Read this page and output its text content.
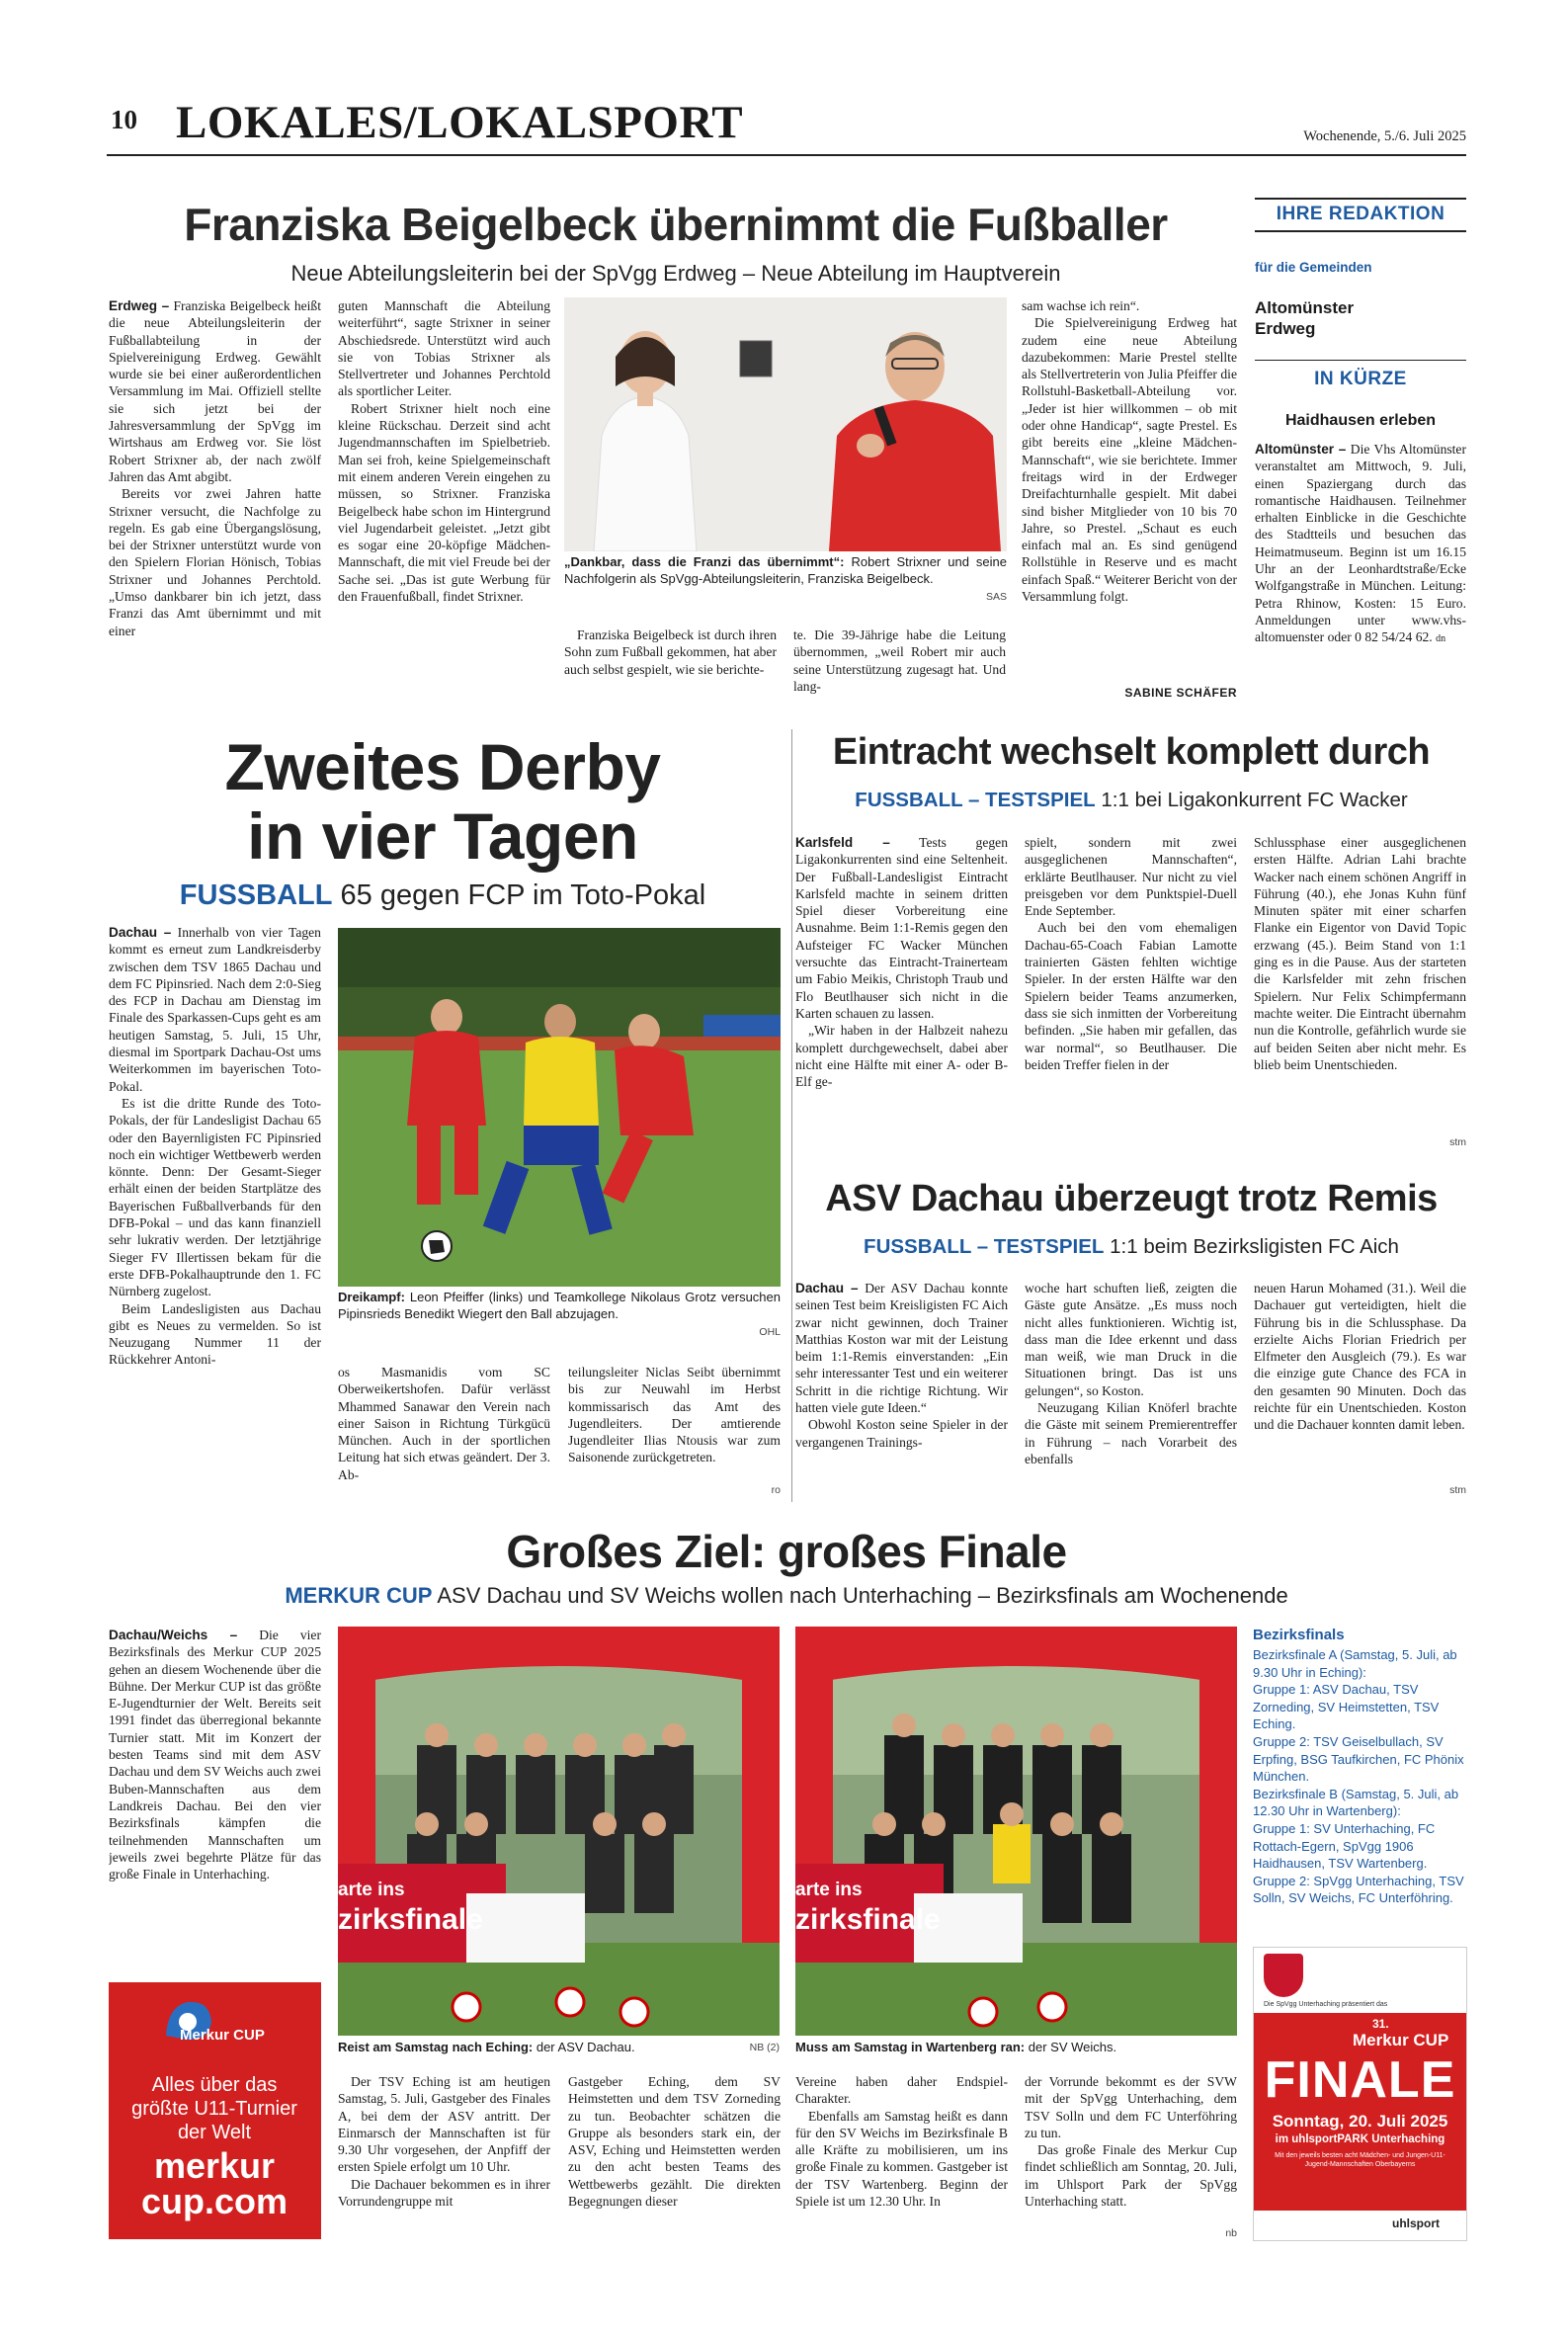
10 LOKALES/LOKALSPORT	Wochenende, 5./6. Juli 2025
Franziska Beigelbeck übernimmt die Fußballer
Neue Abteilungsleiterin bei der SpVgg Erdweg – Neue Abteilung im Hauptverein

Erdweg – Franziska Beigelbeck heißt die neue Abteilungsleiterin der Fußballabteilung in der Spielvereinigung Erdweg. Gewählt wurde sie bei einer außerordentlichen Versammlung im Mai. Offiziell stellte sie sich jetzt bei der Jahresversammlung der SpVgg im Wirtshaus am Erdweg vor. Sie löst Robert Strixner ab, der nach zwölf Jahren das Amt abgibt.

Bereits vor zwei Jahren hatte Strixner versucht, die Nachfolge zu regeln. Es gab eine Übergangslösung, bei der Strixner unterstützt wurde von den Spielern Florian Hönisch, Tobias Strixner und Johannes Perchtold. „Umso dankbarer bin ich jetzt, dass Franzi das Amt übernimmt und mit einer

guten Mannschaft die Abteilung weiterführt“, sagte Strixner in seiner Abschiedsrede. Unterstützt wird auch sie von Tobias Strixner als Stellvertreter und Johannes Perchtold als sportlicher Leiter.

Robert Strixner hielt noch eine kleine Rückschau. Derzeit sind acht Jugendmannschaften im Spielbetrieb. Man sei froh, keine Spielgemeinschaft mit einem anderen Verein eingehen zu müssen, so Strixner. Franziska Beigelbeck habe schon im Hintergrund viel Jugendarbeit geleistet. „Jetzt gibt es sogar eine 20-köpfige Mädchen-Mannschaft, die mit viel Freude bei der Sache sei. „Das ist gute Werbung für den Frauenfußball, findet Strixner.

„Dankbar, dass die Franzi das übernimmt“: Robert Strixner und seine Nachfolgerin als SpVgg-Abteilungsleiterin, Franziska Beigelbeck.
SAS

Franziska Beigelbeck ist durch ihren Sohn zum Fußball gekommen, hat aber auch selbst gespielt, wie sie berichte-

te. Die 39-Jährige habe die Leitung übernommen, „weil Robert mir auch seine Unterstützung zugesagt hat. Und lang-

sam wachse ich rein“.

Die Spielvereinigung Erdweg hat zudem eine neue Abteilung dazubekommen: Marie Prestel stellte als Stellvertreterin von Julia Pfeiffer die Rollstuhl-Basketball-Abteilung vor. „Jeder ist hier willkommen – ob mit oder ohne Handicap“, sagte Prestel. Es gibt bereits eine „kleine Mädchen-Mannschaft“, wie sie berichtete. Immer freitags wird in der Erdweger Dreifachturnhalle gespielt. Mit dabei sind bisher Mitglieder von 10 bis 70 Jahre, so Prestel. „Schaut es euch einfach mal an. Es sind genügend Rollstühle in Reserve und es macht einfach Spaß.“ Weiterer Bericht von der Versammlung folgt.

SABINE SCHÄFER
IHRE REDAKTION
für die Gemeinden
Altomünster
Erdweg
IN KÜRZE
Haidhausen erleben

Altomünster – Die Vhs Altomünster veranstaltet am Mittwoch, 9. Juli, einen Spaziergang durch das romantische Haidhausen. Teilnehmer erhalten Einblicke in die Geschichte des Stadtteils und besuchen das Heimatmuseum. Beginn ist um 16.15 Uhr an der Leonhardtstraße/Ecke Wolfgangstraße in München. Leitung: Petra Rhinow, Kosten: 15 Euro. Anmeldungen unter www.vhs-altomuenster oder 0 82 54/24 62. dn

Zweites Derby
in vier Tagen
FUSSBALL 65 gegen FCP im Toto-Pokal

Dachau – Innerhalb von vier Tagen kommt es erneut zum Landkreisderby zwischen dem TSV 1865 Dachau und dem FC Pipinsried. Nach dem 2:0-Sieg des FCP in Dachau am Dienstag im Finale des Sparkassen-Cups geht es am heutigen Samstag, 5. Juli, 15 Uhr, diesmal im Sportpark Dachau-Ost ums Weiterkommen im bayerischen Toto-Pokal.

Es ist die dritte Runde des Toto-Pokals, der für Landesligist Dachau 65 oder den Bayernligisten FC Pipinsried noch ein wichtiger Wettbewerb werden könnte. Denn: Der Gesamt-Sieger erhält einen der beiden Startplätze des Bayerischen Fußballverbands für den DFB-Pokal – und das kann finanziell sehr lukrativ werden. Der letztjährige Sieger FV Illertissen bekam für die erste DFB-Pokalhauptrunde den 1. FC Nürnberg zugelost.

Beim Landesligisten aus Dachau gibt es Neues zu vermelden. So ist Neuzugang Nummer 11 der Rückkehrer Antoni-

Dreikampf: Leon Pfeiffer (links) und Teamkollege Nikolaus Grotz versuchen Pipinsrieds Benedikt Wiegert den Ball abzujagen.
OHL

os Masmanidis vom SC Oberweikertshofen. Dafür verlässt Mhammed Sanawar den Verein nach einer Saison in Richtung Türkgücü München. Auch in der sportlichen Leitung hat sich etwas geändert. Der 3. Ab-

teilungsleiter Niclas Seibt übernimmt bis zur Neuwahl im Herbst kommissarisch das Amt des Jugendleiters. Der amtierende Jugendleiter Ilias Ntousis war zum Saisonende zurückgetreten.

ro
Eintracht wechselt komplett durch
FUSSBALL – TESTSPIEL 1:1 bei Ligakonkurrent FC Wacker

Karlsfeld – Tests gegen Ligakonkurrenten sind eine Seltenheit. Der Fußball-Landesligist Eintracht Karlsfeld machte in seinem dritten Spiel dieser Vorbereitung eine Ausnahme. Beim 1:1-Remis gegen den Aufsteiger FC Wacker München versuchte das Eintracht-Trainerteam um Fabio Meikis, Christoph Traub und Flo Beutlhauser sich nicht in die Karten schauen zu lassen.

„Wir haben in der Halbzeit nahezu komplett durchgewechselt, dabei aber nicht eine Hälfte mit einer A- oder B-Elf ge-

spielt, sondern mit zwei ausgeglichenen Mannschaften“, erklärte Beutlhauser. Nur nicht zu viel preisgeben vor dem Punktspiel-Duell Ende September.

Auch bei den vom ehemaligen Dachau-65-Coach Fabian Lamotte trainierten Gästen fehlten wichtige Spieler. In der ersten Hälfte war den Spielern beider Teams anzumerken, dass sie sich inmitten der Vorbereitung befinden. „Sie haben mir gefallen, das war normal“, so Beutlhauser. Die beiden Treffer fielen in der

Schlussphase einer ausgeglichenen ersten Hälfte. Adrian Lahi brachte Wacker nach einem schönen Angriff in Führung (40.), ehe Jonas Kuhn fünf Minuten später mit einer scharfen Flanke ein Eigentor von David Topic erzwang (45.). Beim Stand von 1:1 ging es in die Pause. Aus der starteten die Karlsfelder mit zehn frischen Spielern. Nur Felix Schimpfermann machte weiter. Die Eintracht übernahm nun die Kontrolle, gefährlich wurde sie auf beiden Seiten aber nicht mehr. Es blieb beim Unentschieden.

stm
ASV Dachau überzeugt trotz Remis
FUSSBALL – TESTSPIEL 1:1 beim Bezirksligisten FC Aich

Dachau – Der ASV Dachau konnte seinen Test beim Kreisligisten FC Aich zwar nicht gewinnen, doch Trainer Matthias Koston war mit der Leistung beim 1:1-Remis einverstanden: „Ein sehr interessanter Test und ein weiterer Schritt in die richtige Richtung. Wir hatten viele gute Ideen.“

Obwohl Koston seine Spieler in der vergangenen Trainings-

woche hart schuften ließ, zeigten die Gäste gute Ansätze. „Es muss noch nicht alles funktionieren. Wichtig ist, dass man die Idee erkennt und dass man weiß, wie man Druck in die Situationen bringt. Das ist uns gelungen“, so Koston.

Neuzugang Kilian Knöferl brachte die Gäste mit seinem Premierentreffer in Führung – nach Vorarbeit des ebenfalls

neuen Harun Mohamed (31.). Weil die Dachauer gut verteidigten, hielt die Führung bis in die Schlussphase. Da erzielte Aichs Florian Friedrich per Elfmeter den Ausgleich (79.). Es war die einzige gute Chance des FCA in den gesamten 90 Minuten. Doch das reichte für ein Unentschieden. Koston und die Dachauer konnten damit leben.

stm
Großes Ziel: großes Finale
MERKUR CUP ASV Dachau und SV Weichs wollen nach Unterhaching – Bezirksfinals am Wochenende

Dachau/Weichs – Die vier Bezirksfinals des Merkur CUP 2025 gehen an diesem Wochenende über die Bühne. Der Merkur CUP ist das größte E-Jugendturnier der Welt. Bereits seit 1991 findet das überregional bekannte Turnier statt. Mit im Konzert der besten Teams sind mit dem ASV Dachau und dem SV Weichs auch zwei Buben-Mannschaften aus dem Landkreis Dachau. Bei den vier Bezirksfinals kämpfen die teilnehmenden Mannschaften um jeweils zwei begehrte Plätze für das große Finale in Unterhaching.

Merkur CUP
Alles über das größte U11-Turnier der Welt
merkur
cup.com
arte ins
zirksfinale
Reist am Samstag nach Eching: der ASV Dachau.	NB (2)
arte ins
zirksfinale
Muss am Samstag in Wartenberg ran: der SV Weichs.

Der TSV Eching ist am heutigen Samstag, 5. Juli, Gastgeber des Finales A, bei dem der ASV antritt. Der Einmarsch der Mannschaften ist für 9.30 Uhr vorgesehen, der Anpfiff der ersten Spiele erfolgt um 10 Uhr.

Die Dachauer bekommen es in ihrer Vorrundengruppe mit

Gastgeber Eching, dem SV Heimstetten und dem TSV Zorneding zu tun. Beobachter schätzen die Gruppe als besonders stark ein, der ASV, Eching und Heimstetten werden zu den acht besten Teams des Wettbewerbs gezählt. Die direkten Begegnungen dieser

Vereine haben daher Endspiel-Charakter.

Ebenfalls am Samstag heißt es dann für den SV Weichs im Bezirksfinale B alle Kräfte zu mobilisieren, um ins große Finale zu kommen. Gastgeber ist der TSV Wartenberg. Beginn der Spiele ist um 12.30 Uhr. In

der Vorrunde bekommt es der SVW mit der SpVgg Unterhaching, dem TSV Solln und dem FC Unterföhring zu tun.

Das große Finale des Merkur Cup findet schließlich am Sonntag, 20. Juli, im Uhlsport Park der SpVgg Unterhaching statt.

nb
Bezirksfinals
Bezirksfinale A (Samstag, 5. Juli, ab 9.30 Uhr in Eching):
Gruppe 1: ASV Dachau, TSV Zorneding, SV Heimstetten, TSV Eching.
Gruppe 2: TSV Geiselbullach, SV Erpfing, BSG Taufkirchen, FC Phönix München.
Bezirksfinale B (Samstag, 5. Juli, ab 12.30 Uhr in Wartenberg):
Gruppe 1: SV Unterhaching, FC Rottach-Egern, SpVgg 1906 Haidhausen, TSV Wartenberg.
Gruppe 2: SpVgg Unterhaching, TSV Solln, SV Weichs, FC Unterföhring.
Die SpVgg Unterhaching präsentiert das
31.
Merkur CUP
FINALE
Sonntag, 20. Juli 2025
im uhlsportPARK Unterhaching
Mit den jeweils besten acht Mädchen- und Jungen-U11-Jugend-Mannschaften Oberbayerns
uhlsport
